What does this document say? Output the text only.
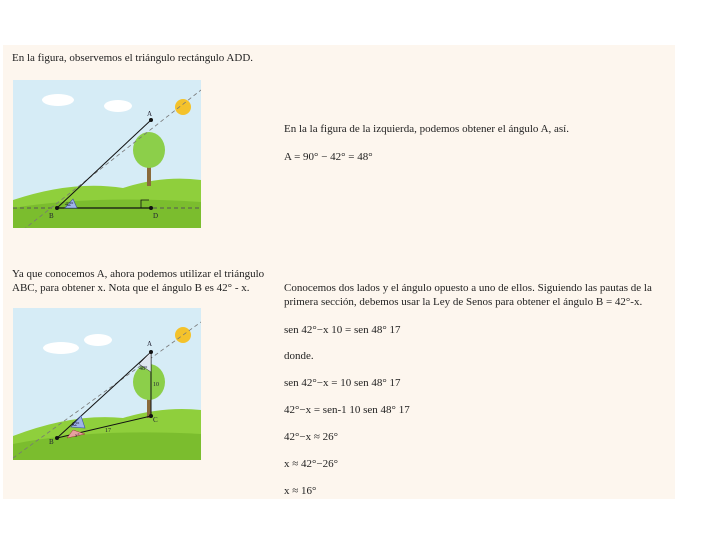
En la figura, observemos el triángulo rectángulo ADD.
A
B	D
42°
En la la figura de la izquierda, podemos obtener el ángulo A, así.
A = 90° − 42° = 48°
Ya que conocemos A, ahora podemos utilizar el triángulo
ABC, para obtener x. Nota que el ángulo B es 42° - x.
A
B
C
48°
42°
x°
10
17
Conocemos dos lados y el ángulo opuesto a uno de ellos. Siguiendo las pautas de la
primera sección, debemos usar la Ley de Senos para obtener el ángulo B = 42°-x.
sen 42°−x 10 = sen 48° 17
donde.
sen 42°−x = 10 sen 48° 17
42°−x = sen-1 10 sen 48° 17
42°−x ≈ 26°
x ≈ 42°−26°
x ≈ 16°
